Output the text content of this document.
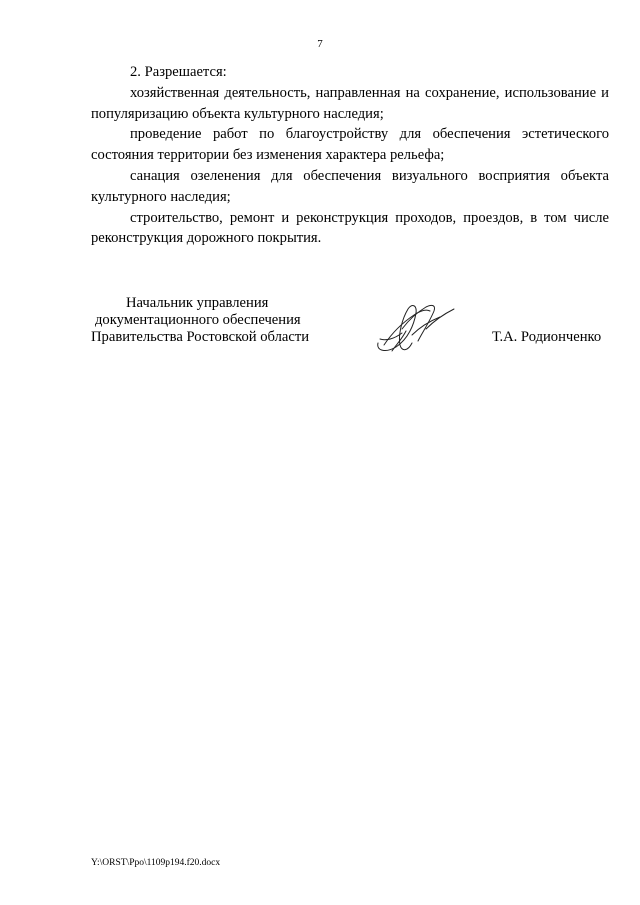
7

2. Разрешается:

хозяйственная деятельность, направленная на сохранение, использование и популяризацию объекта культурного наследия;

проведение работ по благоустройству для обеспечения эстетического состояния территории без изменения характера рельефа;

санация озеленения для обеспечения визуального восприятия объекта культурного наследия;

строительство, ремонт и реконструкция проходов, проездов, в том числе реконструкция дорожного покрытия.

Начальник управления
документационного обеспечения
Правительства Ростовской области	Т.А. Родионченко
Y:\ORST\Ppo\1109p194.f20.docx
